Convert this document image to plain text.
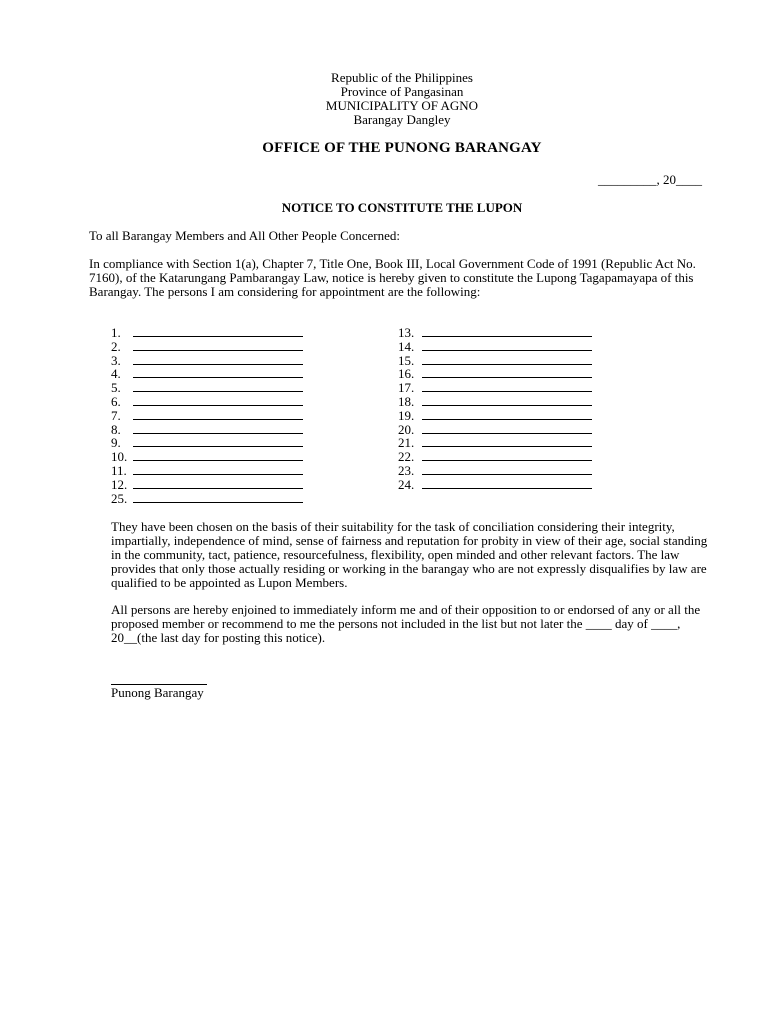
Republic of the Philippines
Province of Pangasinan
MUNICIPALITY OF AGNO
Barangay Dangley
OFFICE OF THE PUNONG BARANGAY
_________, 20____
NOTICE TO CONSTITUTE THE LUPON
To all Barangay Members and All Other People Concerned:
In compliance with Section 1(a), Chapter 7, Title One, Book III, Local Government Code of 1991 (Republic Act No. 7160), of the Katarungang Pambarangay Law, notice is hereby given to constitute the Lupong Tagapamayapa of this Barangay. The persons I am considering for appointment are the following:
1.
2.
3.
4.
5.
6.
7.
8.
9.
10.
11.
12.
25.
13.
14.
15.
16.
17.
18.
19.
20.
21.
22.
23.
24.
They have been chosen on the basis of their suitability for the task of conciliation considering their integrity, impartially, independence of mind, sense of fairness and reputation for probity in view of their age, social standing in the community, tact, patience, resourcefulness, flexibility, open minded and other relevant factors. The law provides that only those actually residing or working in the barangay who are not expressly disqualifies by law are qualified to be appointed as Lupon Members.
All persons are hereby enjoined to immediately inform me and of their opposition to or endorsed of any or all the proposed member or recommend to me the persons not included in the list but not later the ____ day of ____, 20__(the last day for posting this notice).
Punong Barangay
